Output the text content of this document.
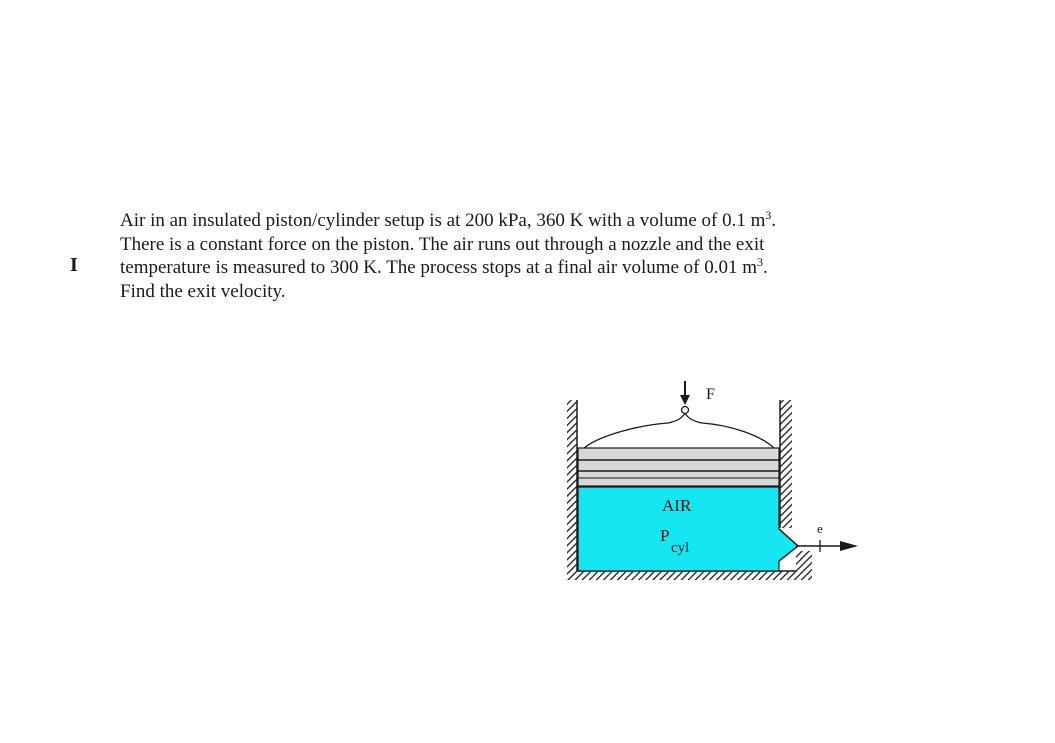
I
Air in an insulated piston/cylinder setup is at 200 kPa, 360 K with a volume of 0.1 $m^3$.
There is a constant force on the piston. The air runs out through a nozzle and the exit
temperature is measured to 300 K. The process stops at a final air volume of 0.01 $m^3$.
Find the exit velocity.
F
AIR
P
cyl
e
